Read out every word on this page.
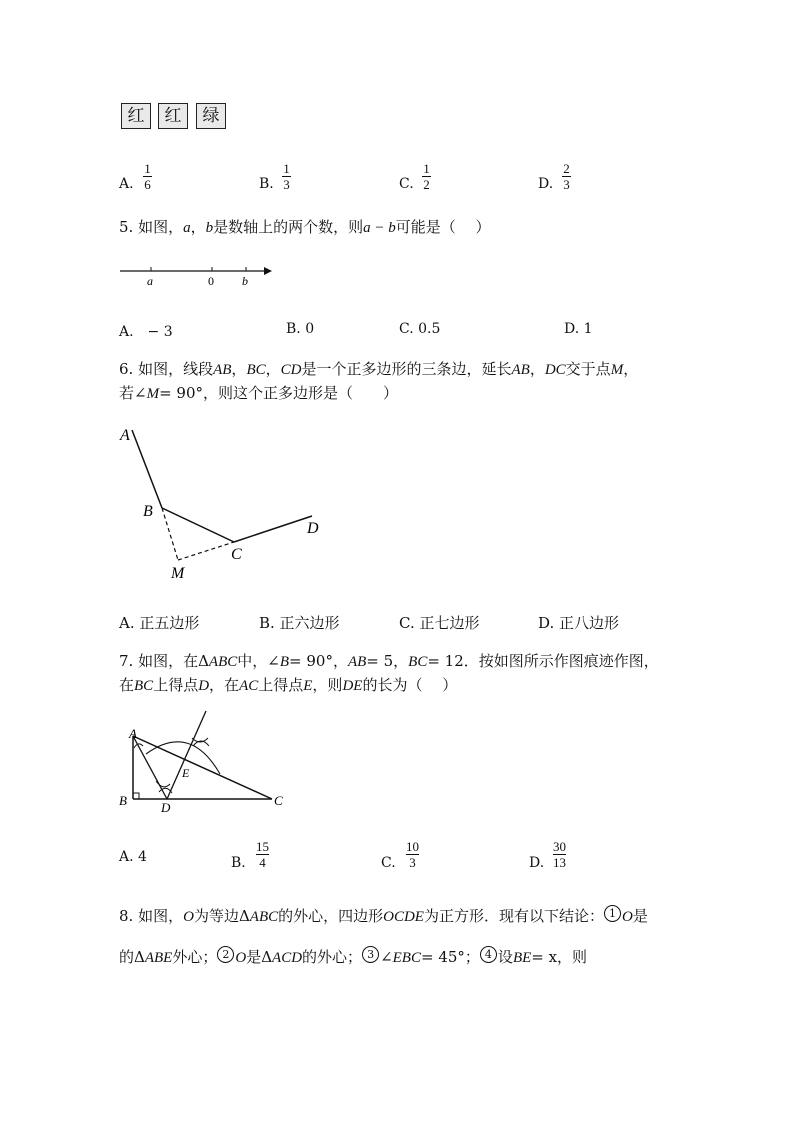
红	红	绿
A.
1
6	B.
1
3	C.
1
2	D.
2
3
5. 如图，a，b是数轴上的两个数，则a − b可能是（　 ）
a	0 b
A.　− 3	B. 0	C. 0.5	D. 1
6. 如图，线段AB，BC，CD是一个正多边形的三条边，延长AB，DC交于点M，
若∠M= 90°，则这个正多边形是（　　）
A
B
C
D
M
A. 正五边形	B. 正六边形	C. 正七边形	D. 正八边形
7. 如图，在ΔABC中，∠B= 90°，AB= 5，BC= 12．按如图所示作图痕迹作图，
在BC上得点D，在AC上得点E，则DE的长为（　 ）
A
B	C
D
E
A. 4	B.
15
4	C.
10
3	D.
30
13
8. 如图，O为等边ΔABC的外心，四边形OCDE为正方形．现有以下结论： 1 O是
的ΔABE外心； 2 O是ΔACD的外心； 3 ∠EBC= 45°； 4 设BE= x，则
